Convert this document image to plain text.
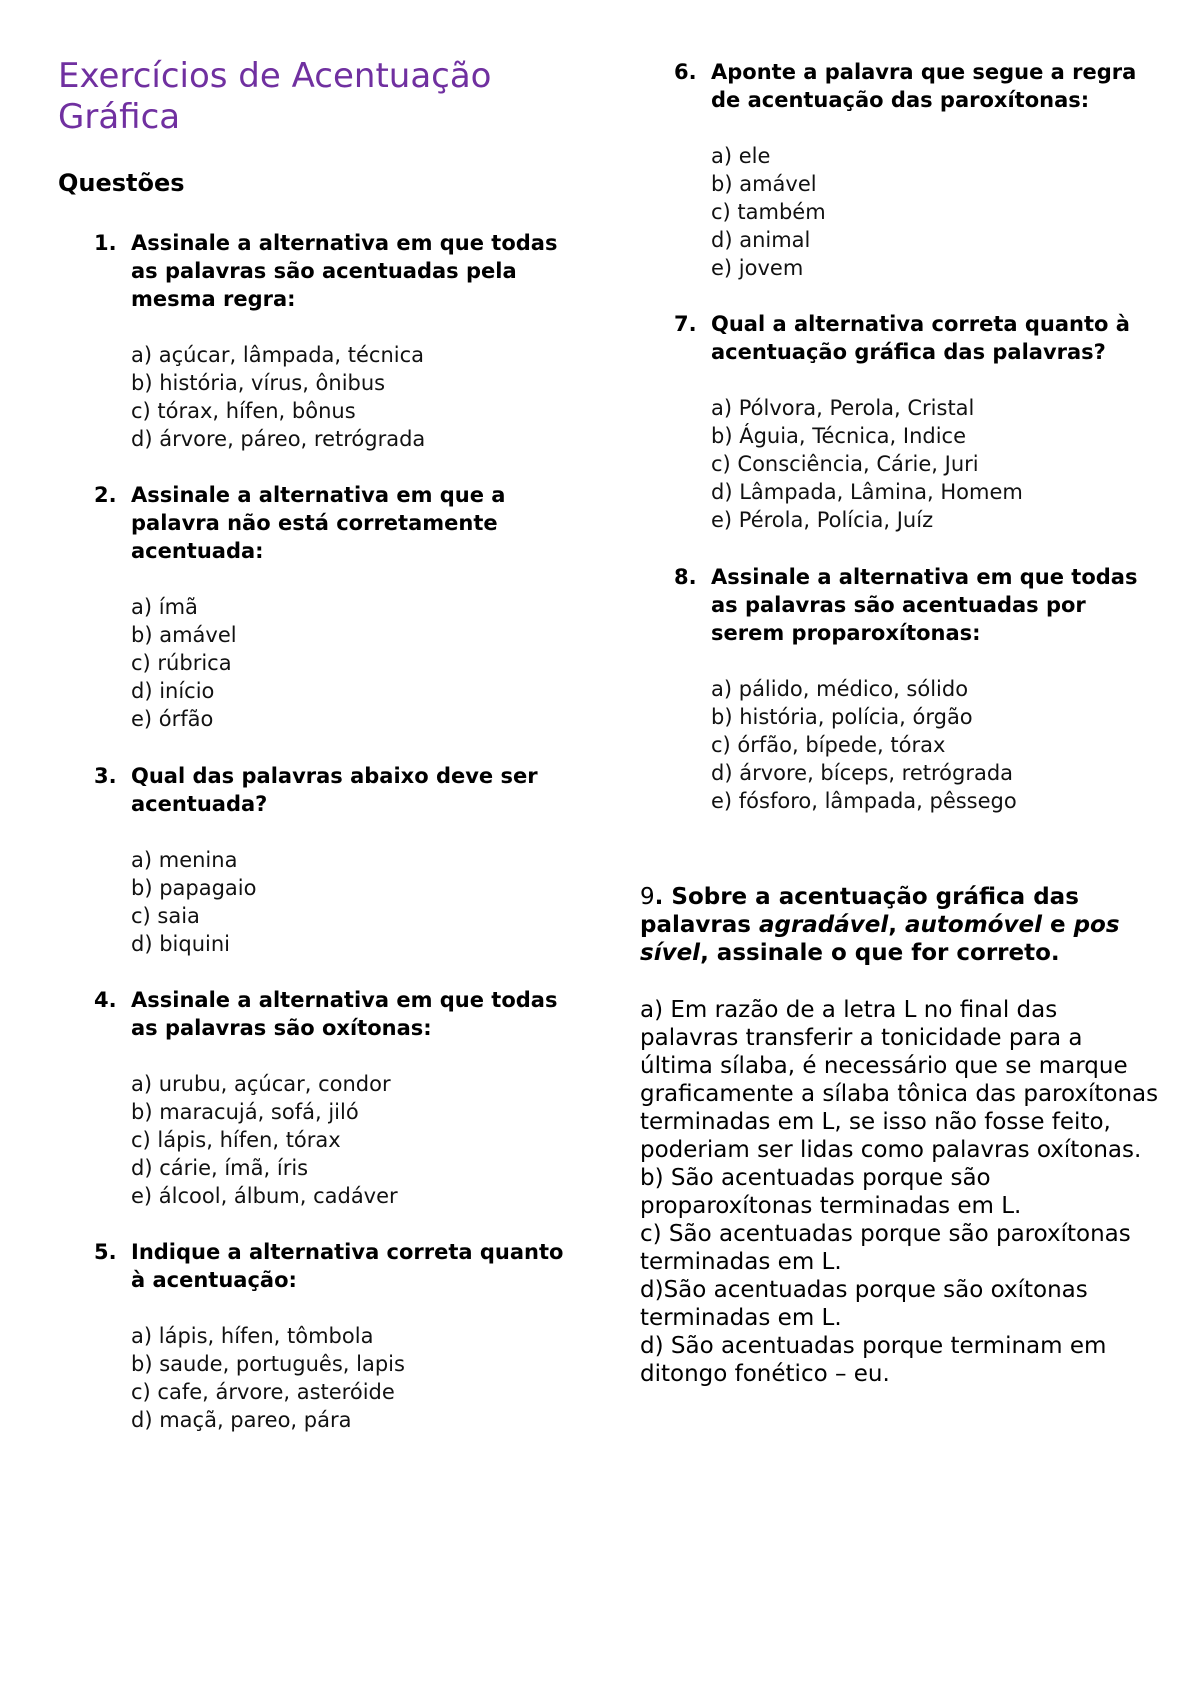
Exercícios de Acentuação Gráfica
Questões
1. Assinale a alternativa em que todas as palavras são acentuadas pela mesma regra:
a) açúcar, lâmpada, técnica
b) história, vírus, ônibus
c) tórax, hífen, bônus
d) árvore, páreo, retrógrada
2. Assinale a alternativa em que a palavra não está corretamente acentuada:
a) ímã
b) amável
c) rúbrica
d) início
e) órfão
3. Qual das palavras abaixo deve ser acentuada?
a) menina
b) papagaio
c) saia
d) biquini
4. Assinale a alternativa em que todas as palavras são oxítonas:
a) urubu, açúcar, condor
b) maracujá, sofá, jiló
c) lápis, hífen, tórax
d) cárie, ímã, íris
e) álcool, álbum, cadáver
5. Indique a alternativa correta quanto à acentuação:
a) lápis, hífen, tômbola
b) saude, português, lapis
c) cafe, árvore, asteróide
d) maçã, pareo, pára
6. Aponte a palavra que segue a regra de acentuação das paroxítonas:
a) ele
b) amável
c) também
d) animal
e) jovem
7. Qual a alternativa correta quanto à acentuação gráfica das palavras?
a) Pólvora, Perola, Cristal
b) Águia, Técnica, Indice
c) Consciência, Cárie, Juri
d) Lâmpada, Lâmina, Homem
e) Pérola, Polícia, Juíz
8. Assinale a alternativa em que todas as palavras são acentuadas por serem proparoxítonas:
a) pálido, médico, sólido
b) história, polícia, órgão
c) órfão, bípede, tórax
d) árvore, bíceps, retrógrada
e) fósforo, lâmpada, pêssego

9. Sobre a acentuação gráfica das palavras agradável, automóvel e pos sível, assinale o que for correto.

a) Em razão de a letra L no final das palavras transferir a tonicidade para a última sílaba, é necessário que se marque graficamente a sílaba tônica das paroxítonas terminadas em L, se isso não fosse feito, poderiam ser lidas como palavras oxítonas.
b) São acentuadas porque são proparoxítonas terminadas em L.
c) São acentuadas porque são paroxítonas terminadas em L.
d)São acentuadas porque são oxítonas terminadas em L.
d) São acentuadas porque terminam em ditongo fonético – eu.
